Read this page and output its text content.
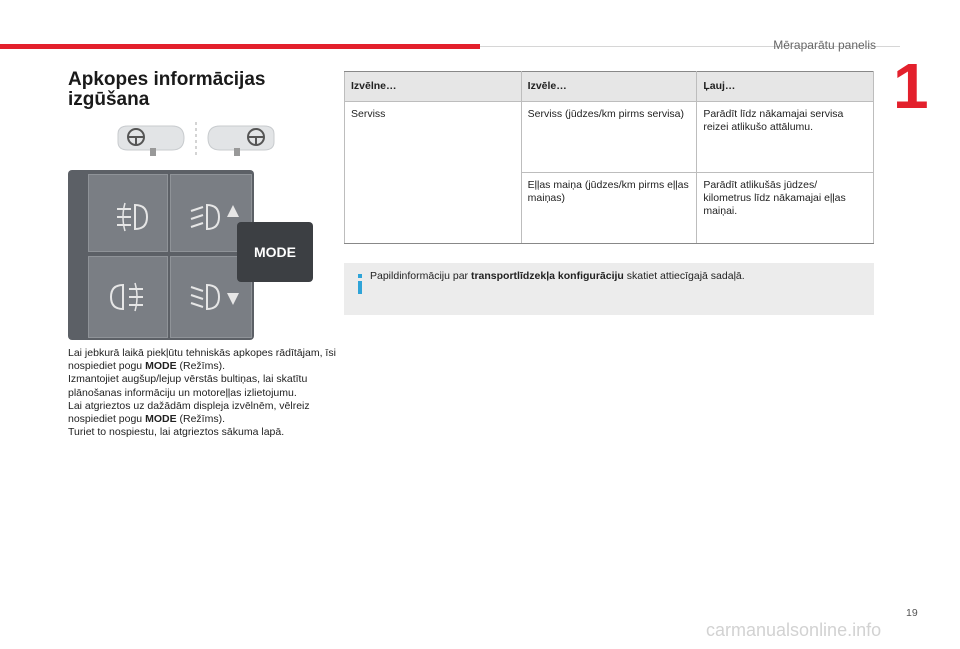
Mēraparātu panelis
1
Apkopes informācijas
izgūšana
MODE
Lai jebkurā laikā piekļūtu tehniskās apkopes rādītājam, īsi nospiediet pogu MODE (Režīms).
Izmantojiet augšup/lejup vērstās bultiņas, lai skatītu plānošanas informāciju un motoreļļas izlietojumu.
Lai atgrieztos uz dažādām displeja izvēlnēm, vēlreiz nospiediet pogu MODE (Režīms).
Turiet to nospiestu, lai atgrieztos sākuma lapā.
Izvēlne…	Izvēle…	Ļauj…
Serviss	Serviss (jūdzes/km pirms servisa)	Parādīt līdz nākamajai servisa reizei atlikušo attālumu.
	Eļļas maiņa (jūdzes/km pirms eļļas maiņas)	Parādīt atlikušās jūdzes/ kilometrus līdz nākamajai eļļas maiņai.
Papildinformāciju par transportlīdzekļa konfigurāciju skatiet attiecīgajā sadaļā.
19
carmanualsonline.info
